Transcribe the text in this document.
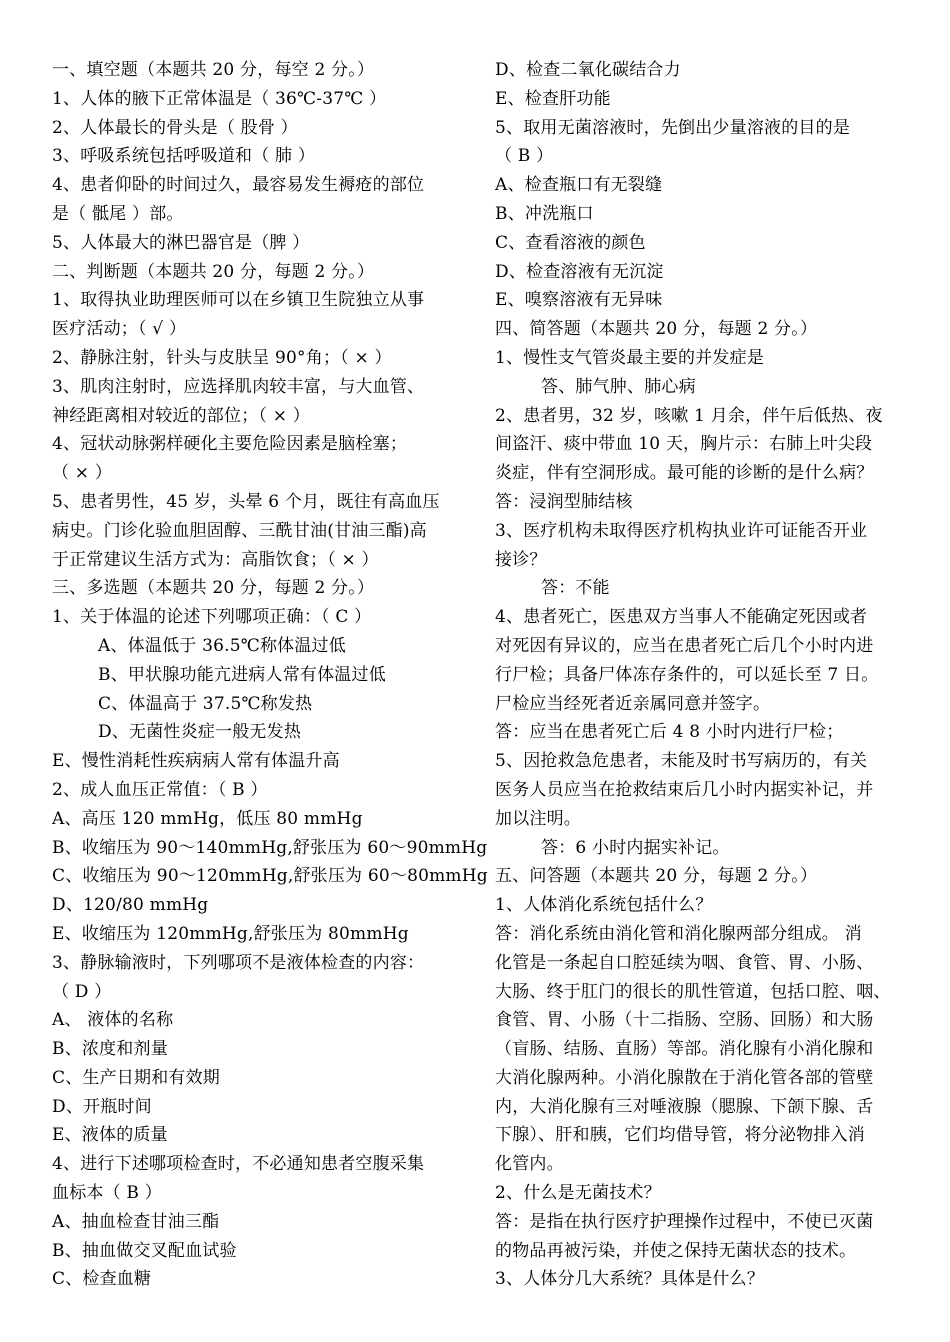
一、填空题（本题共 20 分，每空 2 分。）
1、人体的腋下正常体温是（ 36℃-37℃ ）
2、人体最长的骨头是（ 股骨 ）
3、呼吸系统包括呼吸道和（ 肺 ）
4、患者仰卧的时间过久，最容易发生褥疮的部位
是（ 骶尾 ）部。
5、人体最大的淋巴器官是（脾 ）
二、判断题（本题共 20 分，每题 2 分。）
1、取得执业助理医师可以在乡镇卫生院独立从事
医疗活动；（ √ ）
2、静脉注射，针头与皮肤呈 90°角；（ × ）
3、肌肉注射时，应选择肌肉较丰富，与大血管、
神经距离相对较近的部位；（ × ）
4、冠状动脉粥样硬化主要危险因素是脑栓塞；
（ × ）
5、患者男性，45 岁，头晕 6 个月，既往有高血压
病史。门诊化验血胆固醇、三酰甘油(甘油三酯)高
于正常建议生活方式为：高脂饮食；（ × ）
三、多选题（本题共 20 分，每题 2 分。）
1、关于体温的论述下列哪项正确：（ C ）
A、体温低于 36.5℃称体温过低
B、甲状腺功能亢进病人常有体温过低
C、体温高于 37.5℃称发热
D、无菌性炎症一般无发热
E、慢性消耗性疾病病人常有体温升高
2、成人血压正常值：（ B ）
A、高压 120 mmHg，低压 80 mmHg
B、收缩压为 90～140mmHg,舒张压为 60～90mmHg
C、收缩压为 90～120mmHg,舒张压为 60～80mmHg
D、120/80 mmHg
E、收缩压为 120mmHg,舒张压为 80mmHg
3、静脉输液时，下列哪项不是液体检查的内容：
（ D ）
A、 液体的名称
B、浓度和剂量
C、生产日期和有效期
D、开瓶时间
E、液体的质量
4、进行下述哪项检查时，不必通知患者空腹采集
血标本（ B ）
A、抽血检查甘油三酯
B、抽血做交叉配血试验
C、检查血糖
D、检查二氧化碳结合力
E、检查肝功能
5、取用无菌溶液时，先倒出少量溶液的目的是
（ B ）
A、检查瓶口有无裂缝
B、冲洗瓶口
C、查看溶液的颜色
D、检查溶液有无沉淀
E、嗅察溶液有无异味
四、简答题（本题共 20 分，每题 2 分。）
1、慢性支气管炎最主要的并发症是
答、肺气肿、肺心病
2、患者男，32 岁，咳嗽 1 月余，伴午后低热、夜
间盗汗、痰中带血 10 天，胸片示：右肺上叶尖段
炎症，伴有空洞形成。最可能的诊断的是什么病？
答：浸润型肺结核
3、医疗机构未取得医疗机构执业许可证能否开业
接诊？
答：不能
4、患者死亡，医患双方当事人不能确定死因或者
对死因有异议的，应当在患者死亡后几个小时内进
行尸检；具备尸体冻存条件的，可以延长至 7 日。
尸检应当经死者近亲属同意并签字。
答：应当在患者死亡后 4 8 小时内进行尸检；
5、因抢救急危患者，未能及时书写病历的，有关
医务人员应当在抢救结束后几小时内据实补记，并
加以注明。
答：6 小时内据实补记。
五、问答题（本题共 20 分，每题 2 分。）
1、人体消化系统包括什么？
答：消化系统由消化管和消化腺两部分组成。 消
化管是一条起自口腔延续为咽、食管、胃、小肠、
大肠、终于肛门的很长的肌性管道，包括口腔、咽、
食管、胃、小肠（十二指肠、空肠、回肠）和大肠
（盲肠、结肠、直肠）等部。消化腺有小消化腺和
大消化腺两种。小消化腺散在于消化管各部的管壁
内，大消化腺有三对唾液腺（腮腺、下颌下腺、舌
下腺）、肝和胰，它们均借导管，将分泌物排入消
化管内。
2、什么是无菌技术？
答：是指在执行医疗护理操作过程中，不使已灭菌
的物品再被污染，并使之保持无菌状态的技术。
3、人体分几大系统？具体是什么？
